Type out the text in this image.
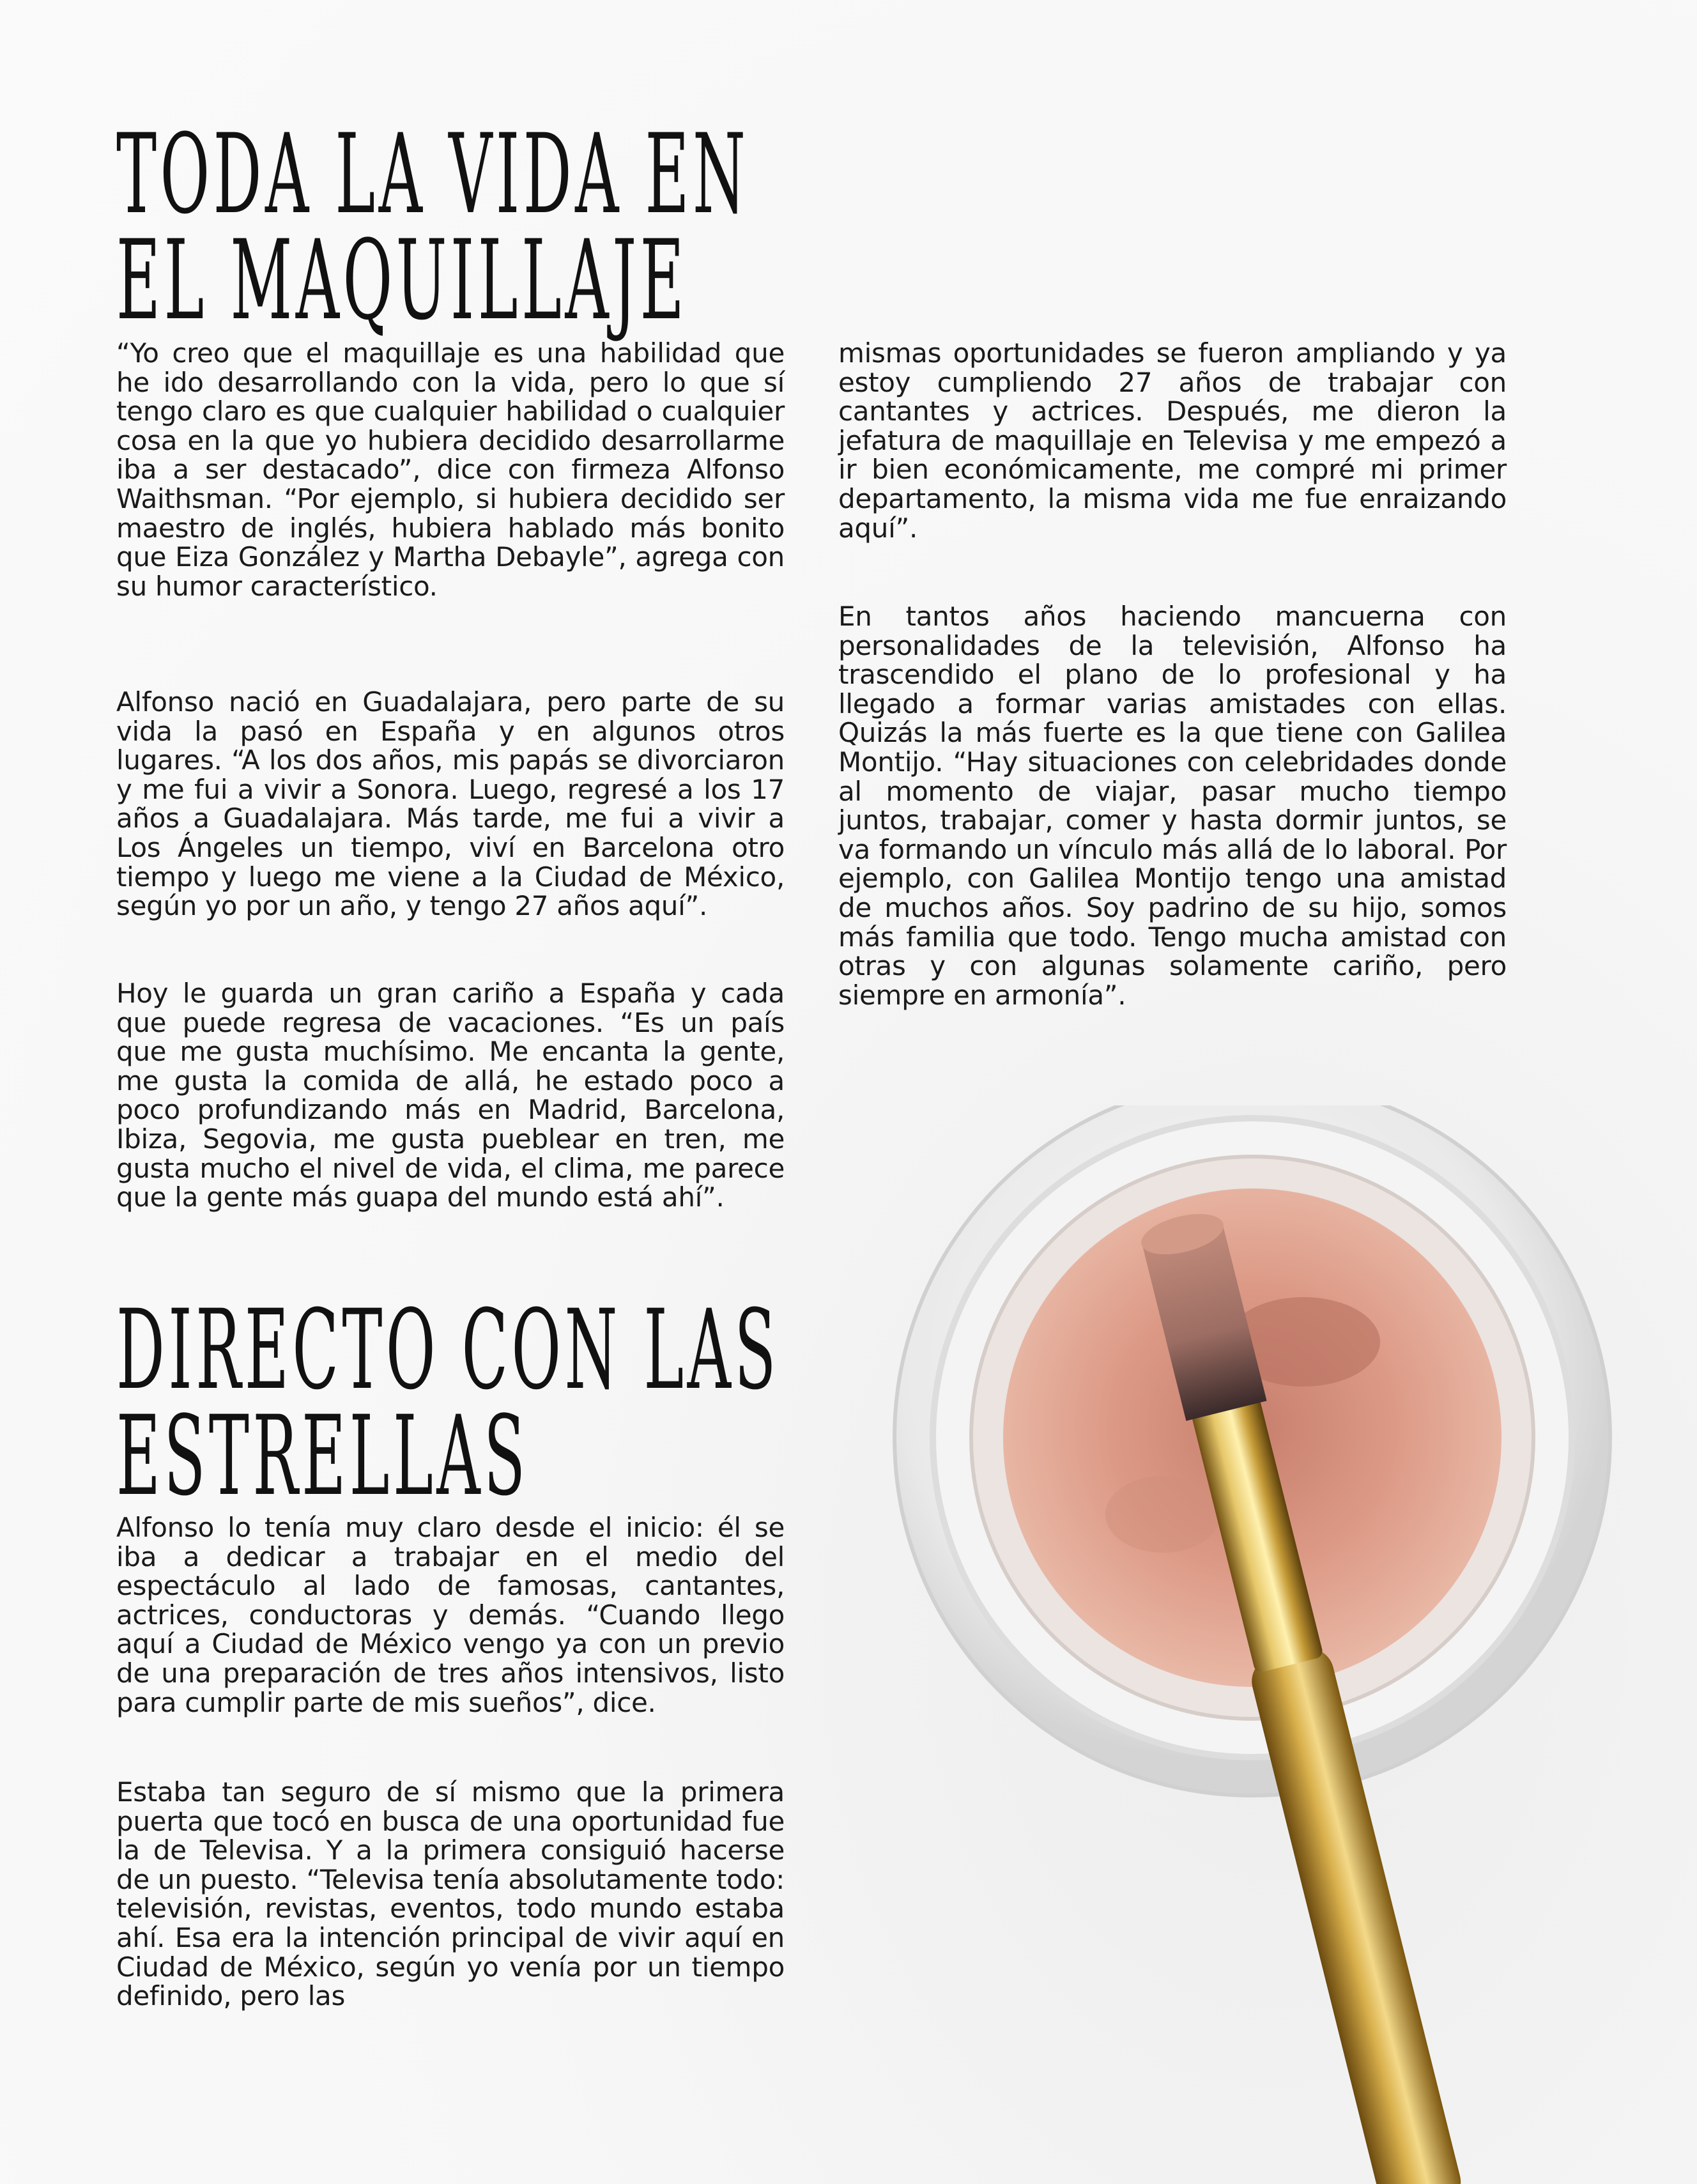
TODA LA VIDA EN
EL MAQUILLAJE

“Yo creo que el maquillaje es una habilidad que he ido desarrollando con la vida, pero lo que sí tengo claro es que cualquier habilidad o cualquier cosa en la que yo hubiera decidido desarrollarme iba a ser destacado”, dice con firmeza Alfonso Waithsman. “Por ejemplo, si hubiera decidido ser maestro de inglés, hubiera hablado más bonito que Eiza González y Martha Debayle”, agrega con su humor característico.

Alfonso nació en Guadalajara, pero parte de su vida la pasó en España y en algunos otros lugares. “A los dos años, mis papás se divorciaron y me fui a vivir a Sonora. Luego, regresé a los 17 años a Guadalajara. Más tarde, me fui a vivir a Los Ángeles un tiempo, viví en Barcelona otro tiempo y luego me viene a la Ciudad de México, según yo por un año, y tengo 27 años aquí”.

Hoy le guarda un gran cariño a España y cada que puede regresa de vacaciones. “Es un país que me gusta muchísimo. Me encanta la gente, me gusta la comida de allá, he estado poco a poco profundizando más en Madrid, Barcelona, Ibiza, Segovia, me gusta pueblear en tren, me gusta mucho el nivel de vida, el clima, me parece que la gente más guapa del mundo está ahí”.

DIRECTO CON LAS
ESTRELLAS

Alfonso lo tenía muy claro desde el inicio: él se iba a dedicar a trabajar en el medio del espectáculo al lado de famosas, cantantes, actrices, conductoras y demás. “Cuando llego aquí a Ciudad de México vengo ya con un previo de una preparación de tres años intensivos, listo para cumplir parte de mis sueños”, dice.

Estaba tan seguro de sí mismo que la primera puerta que tocó en busca de una oportunidad fue la de Televisa. Y a la primera consiguió hacerse de un puesto. “Televisa tenía absolutamente todo: televisión, revistas, eventos, todo mundo estaba ahí. Esa era la intención principal de vivir aquí en Ciudad de México, según yo venía por un tiempo definido, pero las

mismas oportunidades se fueron ampliando y ya estoy cumpliendo 27 años de trabajar con cantantes y actrices. Después, me dieron la jefatura de maquillaje en Televisa y me empezó a ir bien económicamente, me compré mi primer departamento, la misma vida me fue enraizando aquí”.

En tantos años haciendo mancuerna con personalidades de la televisión, Alfonso ha trascendido el plano de lo profesional y ha llegado a formar varias amistades con ellas. Quizás la más fuerte es la que tiene con Galilea Montijo. “Hay situaciones con celebridades donde al momento de viajar, pasar mucho tiempo juntos, trabajar, comer y hasta dormir juntos, se va formando un vínculo más allá de lo laboral. Por ejemplo, con Galilea Montijo tengo una amistad de muchos años. Soy padrino de su hijo, somos más familia que todo. Tengo mucha amistad con otras y con algunas solamente cariño, pero siempre en armonía”.
